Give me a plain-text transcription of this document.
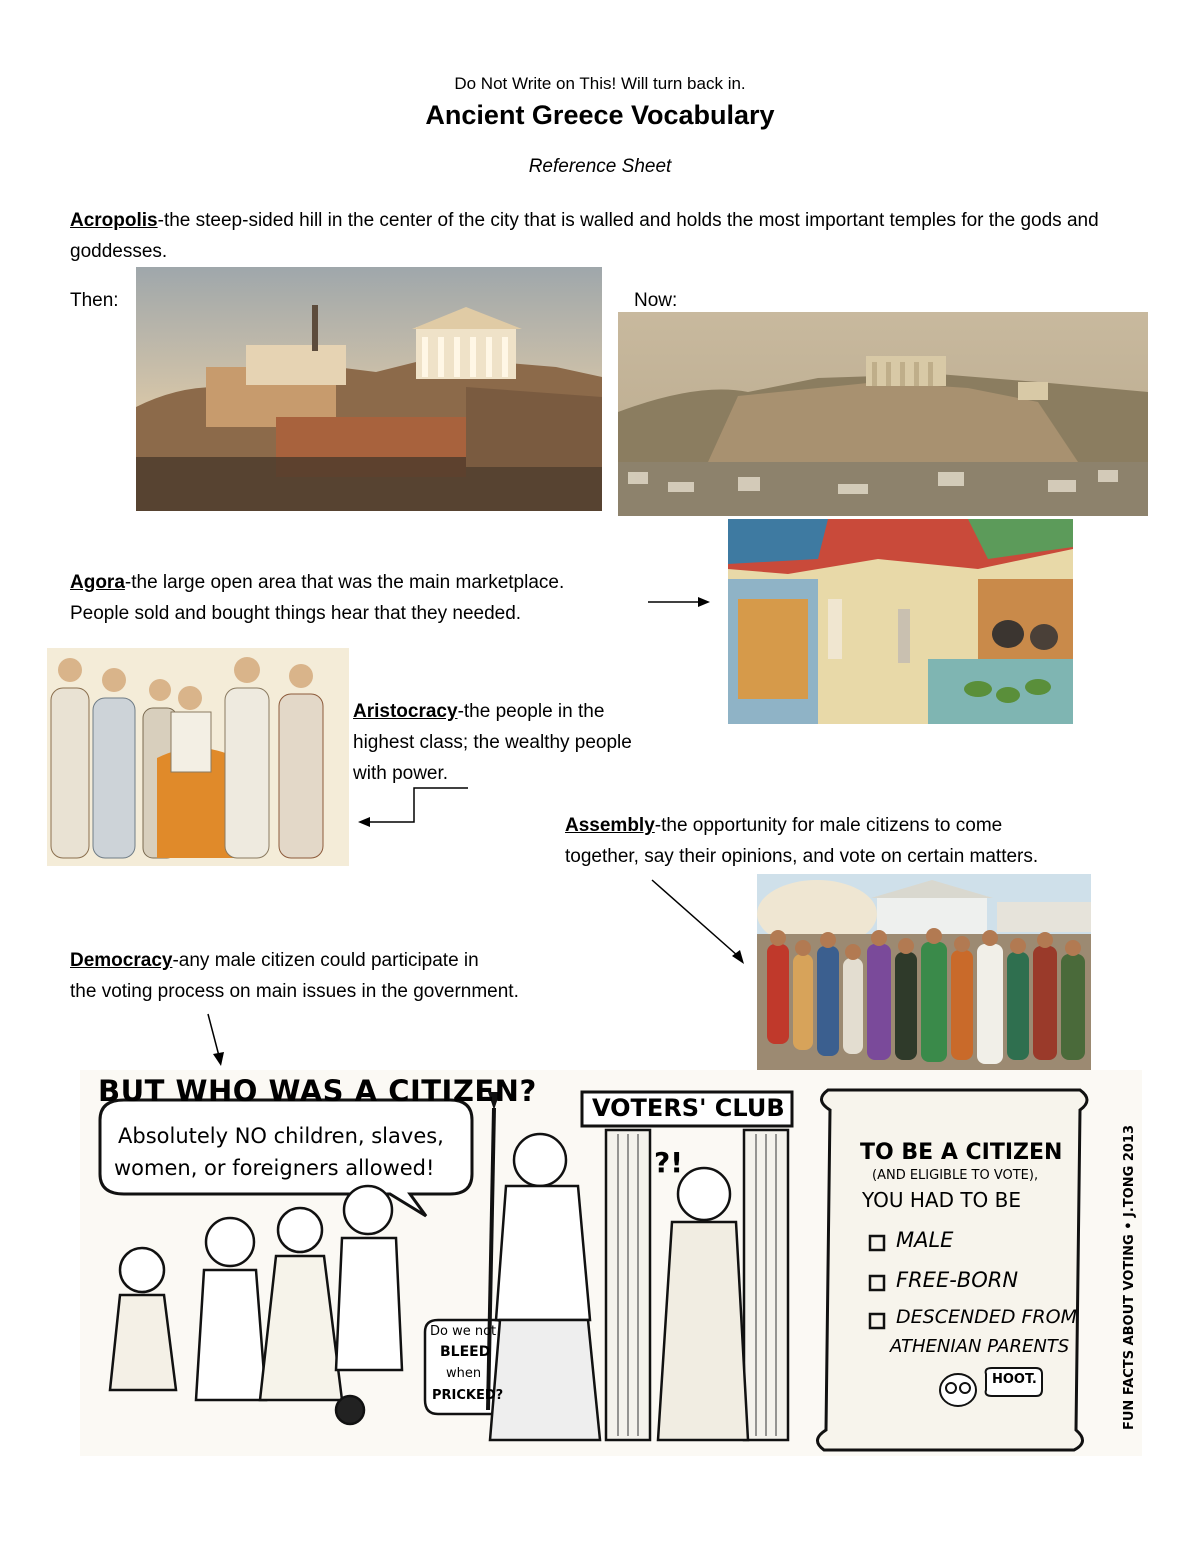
Do Not Write on This! Will turn back in.
Ancient Greece Vocabulary
Reference Sheet
Acropolis-the steep-sided hill in the center of the city that is walled and holds the most important temples for the gods and goddesses.
Then:	Now:
Agora-the large open area that was the main marketplace.
People sold and bought things hear that they needed.
Aristocracy-the people in the
highest class; the wealthy people
with power.
Assembly-the opportunity for male citizens to come
together, say their opinions, and vote on certain matters.
Democracy-any male citizen could participate in
the voting process on main issues in the government.
BUT WHO WAS A CITIZEN?
Absolutely NO children, slaves,
women, or foreigners allowed!
VOTERS' CLUB
?!
Do we not
BLEED
when
PRICKED?
TO BE A CITIZEN
(AND ELIGIBLE TO VOTE),
YOU HAD TO BE
MALE
FREE-BORN
DESCENDED FROM
ATHENIAN PARENTS
HOOT.	FUN FACTS ABOUT VOTING • J.TONG 2013
